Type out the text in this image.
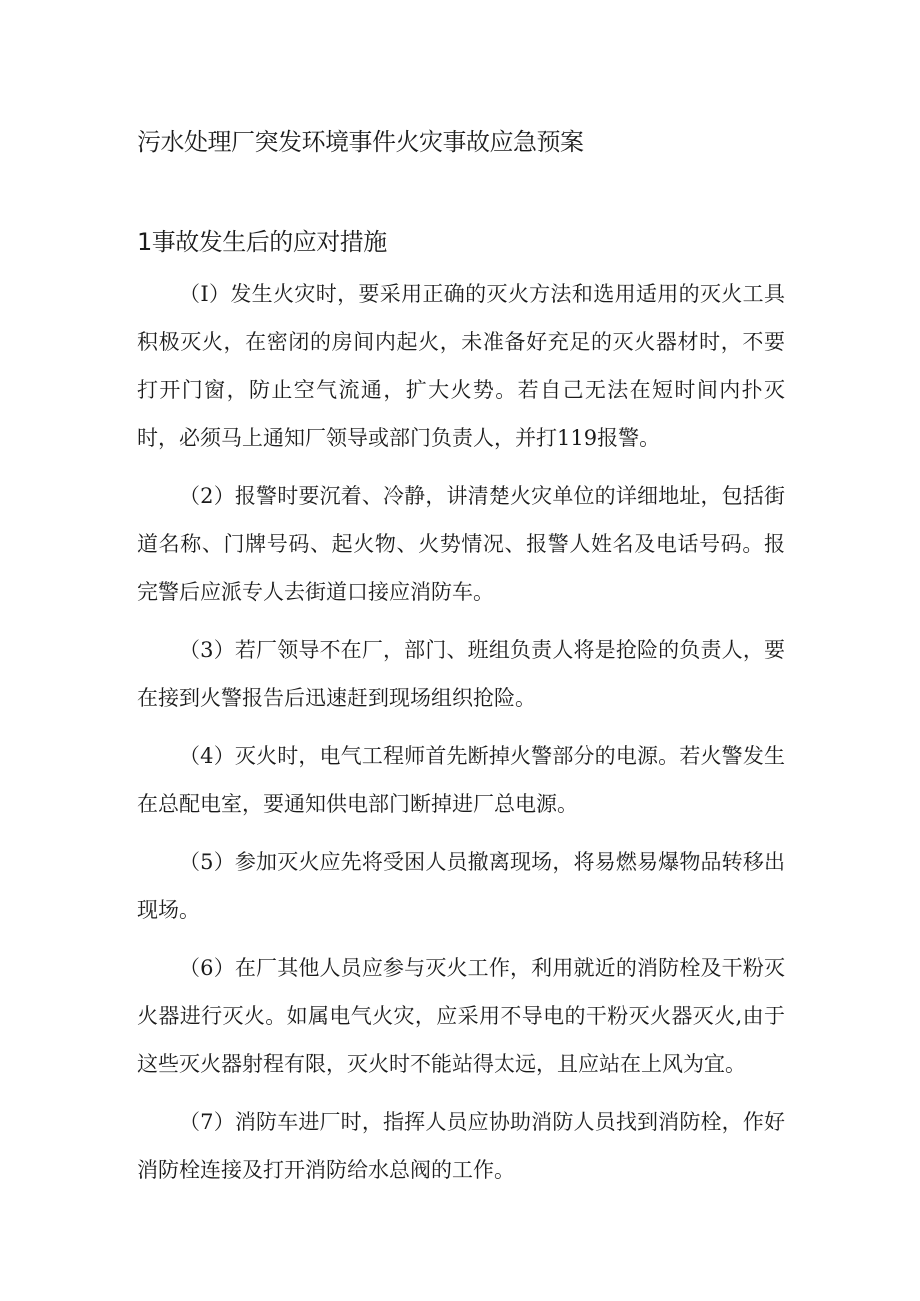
污水处理厂突发环境事件火灾事故应急预案
1事故发生后的应对措施

（I）发生火灾时，要采用正确的灭火方法和选用适用的灭火工具积极灭火，在密闭的房间内起火，未准备好充足的灭火器材时，不要打开门窗，防止空气流通，扩大火势。若自己无法在短时间内扑灭时，必须马上通知厂领导或部门负责人，并打119报警。

（2）报警时要沉着、冷静，讲清楚火灾单位的详细地址，包括街道名称、门牌号码、起火物、火势情况、报警人姓名及电话号码。报完警后应派专人去街道口接应消防车。

（3）若厂领导不在厂，部门、班组负责人将是抢险的负责人，要在接到火警报告后迅速赶到现场组织抢险。

（4）灭火时，电气工程师首先断掉火警部分的电源。若火警发生在总配电室，要通知供电部门断掉进厂总电源。

（5）参加灭火应先将受困人员撤离现场，将易燃易爆物品转移出现场。

（6）在厂其他人员应参与灭火工作，利用就近的消防栓及干粉灭火器进行灭火。如属电气火灾，应采用不导电的干粉灭火器灭火,由于这些灭火器射程有限，灭火时不能站得太远，且应站在上风为宜。

（7）消防车进厂时，指挥人员应协助消防人员找到消防栓，作好消防栓连接及打开消防给水总阀的工作。
